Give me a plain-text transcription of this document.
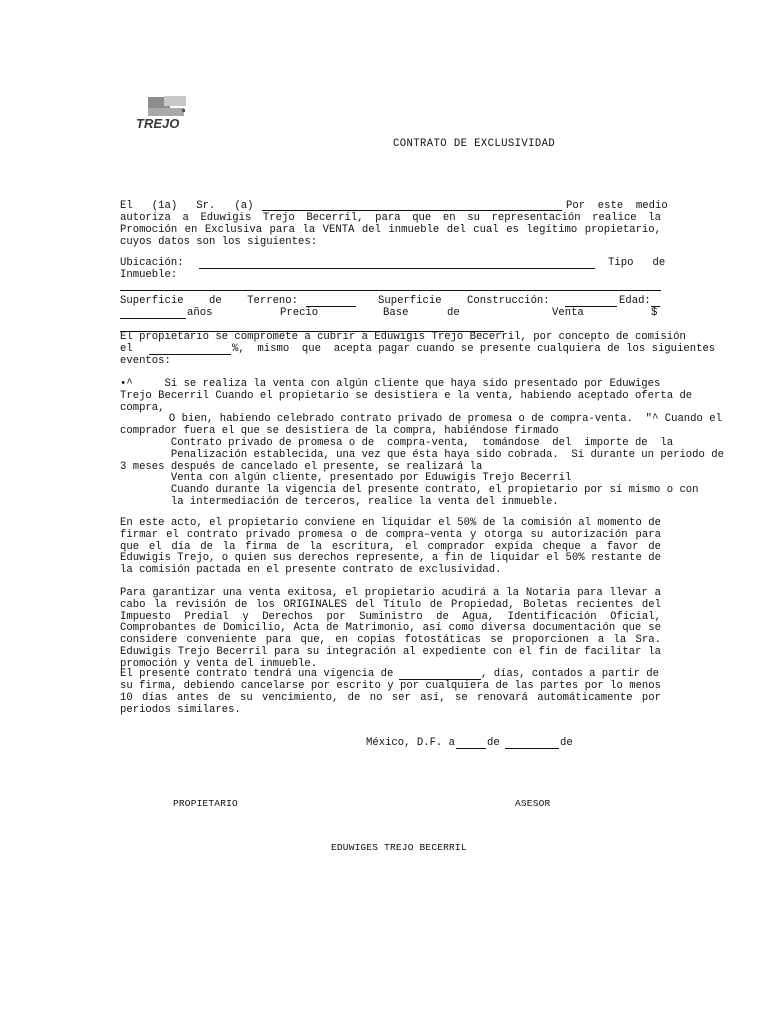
TREJO
CONTRATO DE EXCLUSIVIDAD
El   (1a)   Sr.   (a)	Por  este  medio

autoriza a Eduwigis Trejo Becerril, para que en su representación realice la Promoción en Exclusiva para la VENTA del inmueble del cual es legítimo propietario, cuyos datos son los siguientes:

Ubicación:	Tipo   de
Inmueble:
Superficie    de    Terreno:	Superficie    Construcción:	Edad:
años	Precio	Base	de	Venta	$
El propietario se compromete a cubrir a Eduwigis Trejo Becerril, por concepto de comisión
el	%,  mismo  que  acepta pagar cuando se presente cualquiera de los siguientes
eventos:
•^     Si se realiza la venta con algún cliente que haya sido presentado por Eduwiges
Trejo Becerril Cuando el propietario se desistiera e la venta, habiendo aceptado oferta de
compra,
O bien, habiendo celebrado contrato privado de promesa o de compra-venta.  "^ Cuando el
comprador fuera el que se desistiera de la compra, habiéndose firmado
Contrato privado de promesa o de  compra-venta,  tomándose  del  importe de  la
Penalización establecida, una vez que ésta haya sido cobrada.  Si durante un periodo de
3 meses después de cancelado el presente, se realizará la
Venta con algún cliente, presentado por Eduwigis Trejo Becerril
Cuando durante la vigencia del presente contrato, el propietario por sí mismo o con
la intermediación de terceros, realice la venta del inmueble.

En este acto, el propietario conviene en liquidar el 50% de la comisión al momento de firmar el contrato privado promesa o de compra–venta y otorga su autorización para que el día de la firma de la escritura, el comprador expida cheque a favor de Eduwigis Trejo, o quien sus derechos represente, a fin de liquidar el 50% restante de la comisión pactada en el presente contrato de exclusividad.

Para garantizar una venta exitosa, el propietario acudirá a la Notaria para llevar a cabo la revisión de los ORIGINALES del Título de Propiedad, Boletas recientes del Impuesto Predial y Derechos por Suministro de Agua, Identificación Oficial, Comprobantes de Domicilio, Acta de Matrimonio, así como diversa documentación que se considere conveniente para que, en copias fotostáticas se proporcionen a la Sra. Eduwigis Trejo Becerril para su integración al expediente con el fin de facilitar la promoción y venta del inmueble.

El presente contrato tendrá una vigencia de	, días, contados a partir de

su firma, debiendo cancelarse por escrito y por cualquiera de las partes por lo menos 10 días antes de su vencimiento, de no ser así, se renovará automáticamente por periodos similares.

México, D.F. a	de	de
PROPIETARIO	ASESOR
EDUWIGES TREJO BECERRIL
